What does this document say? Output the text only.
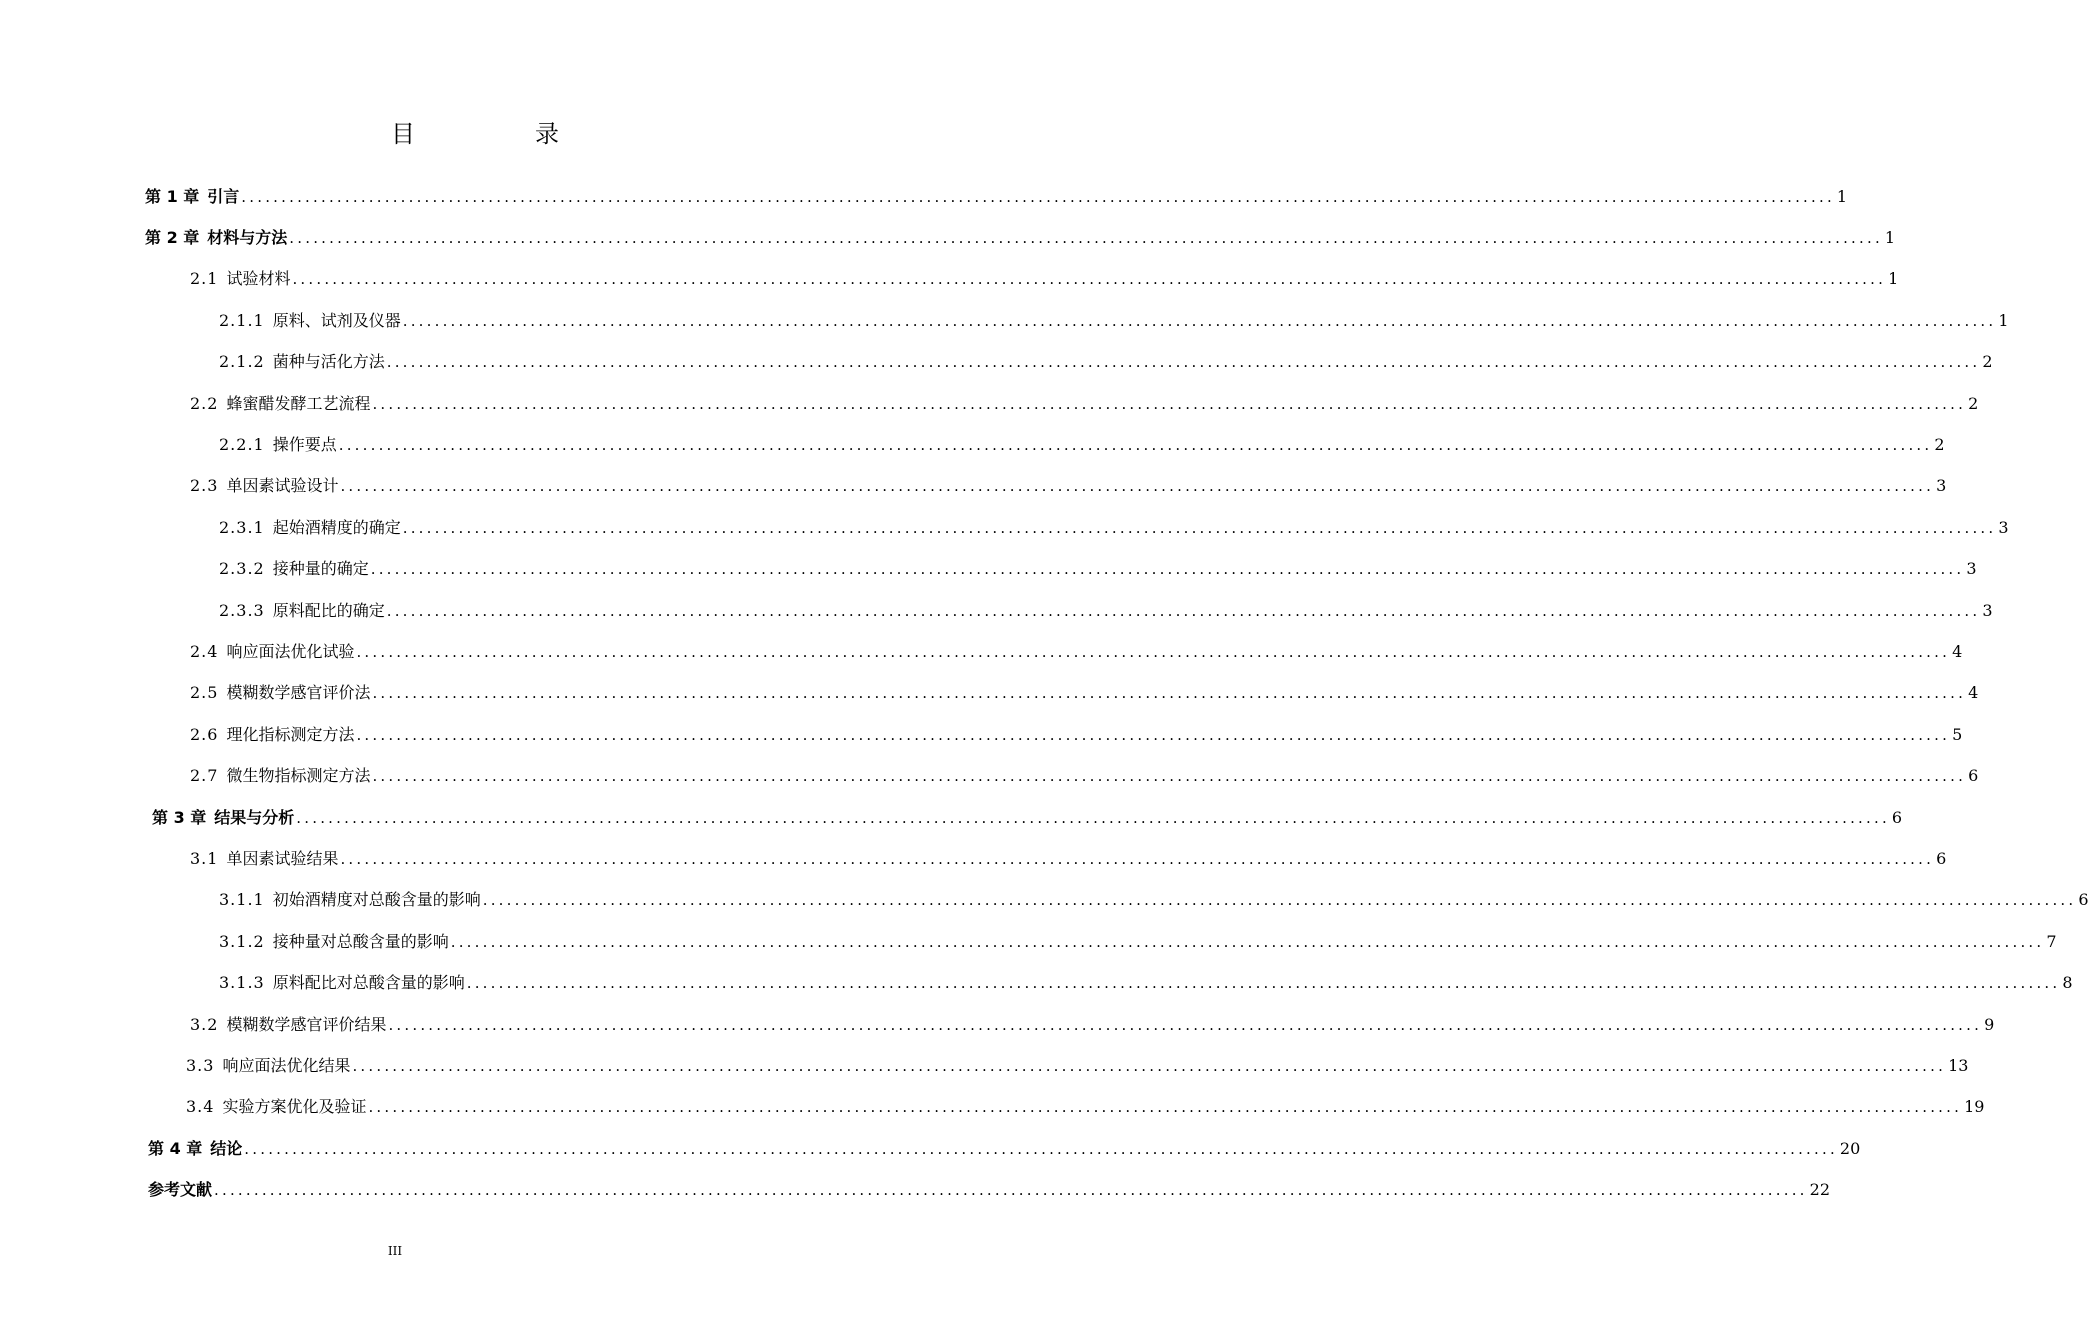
目　录
第 1 章  引言 ........................................................................................................................................................................................................ 1
第 2 章  材料与方法 ........................................................................................................................................................................................................ 1
2.1  试验材料 ........................................................................................................................................................................................................ 1
2.1.1  原料、试剂及仪器 ........................................................................................................................................................................................................ 1
2.1.2  菌种与活化方法 ........................................................................................................................................................................................................ 2
2.2  蜂蜜醋发酵工艺流程 ........................................................................................................................................................................................................ 2
2.2.1  操作要点 ........................................................................................................................................................................................................ 2
2.3  单因素试验设计 ........................................................................................................................................................................................................ 3
2.3.1  起始酒精度的确定 ........................................................................................................................................................................................................ 3
2.3.2  接种量的确定 ........................................................................................................................................................................................................ 3
2.3.3  原料配比的确定 ........................................................................................................................................................................................................ 3
2.4  响应面法优化试验 ........................................................................................................................................................................................................ 4
2.5  模糊数学感官评价法 ........................................................................................................................................................................................................ 4
2.6  理化指标测定方法 ........................................................................................................................................................................................................ 5
2.7  微生物指标测定方法 ........................................................................................................................................................................................................ 6
第 3 章  结果与分析 ........................................................................................................................................................................................................ 6
3.1  单因素试验结果 ........................................................................................................................................................................................................ 6
3.1.1  初始酒精度对总酸含量的影响 ........................................................................................................................................................................................................ 6
3.1.2  接种量对总酸含量的影响 ........................................................................................................................................................................................................ 7
3.1.3  原料配比对总酸含量的影响 ........................................................................................................................................................................................................ 8
3.2  模糊数学感官评价结果 ........................................................................................................................................................................................................ 9
3.3  响应面法优化结果 ........................................................................................................................................................................................................ 13
3.4  实验方案优化及验证 ........................................................................................................................................................................................................ 19
第 4 章  结论 ........................................................................................................................................................................................................ 20
参考文献 ........................................................................................................................................................................................................ 22
III
